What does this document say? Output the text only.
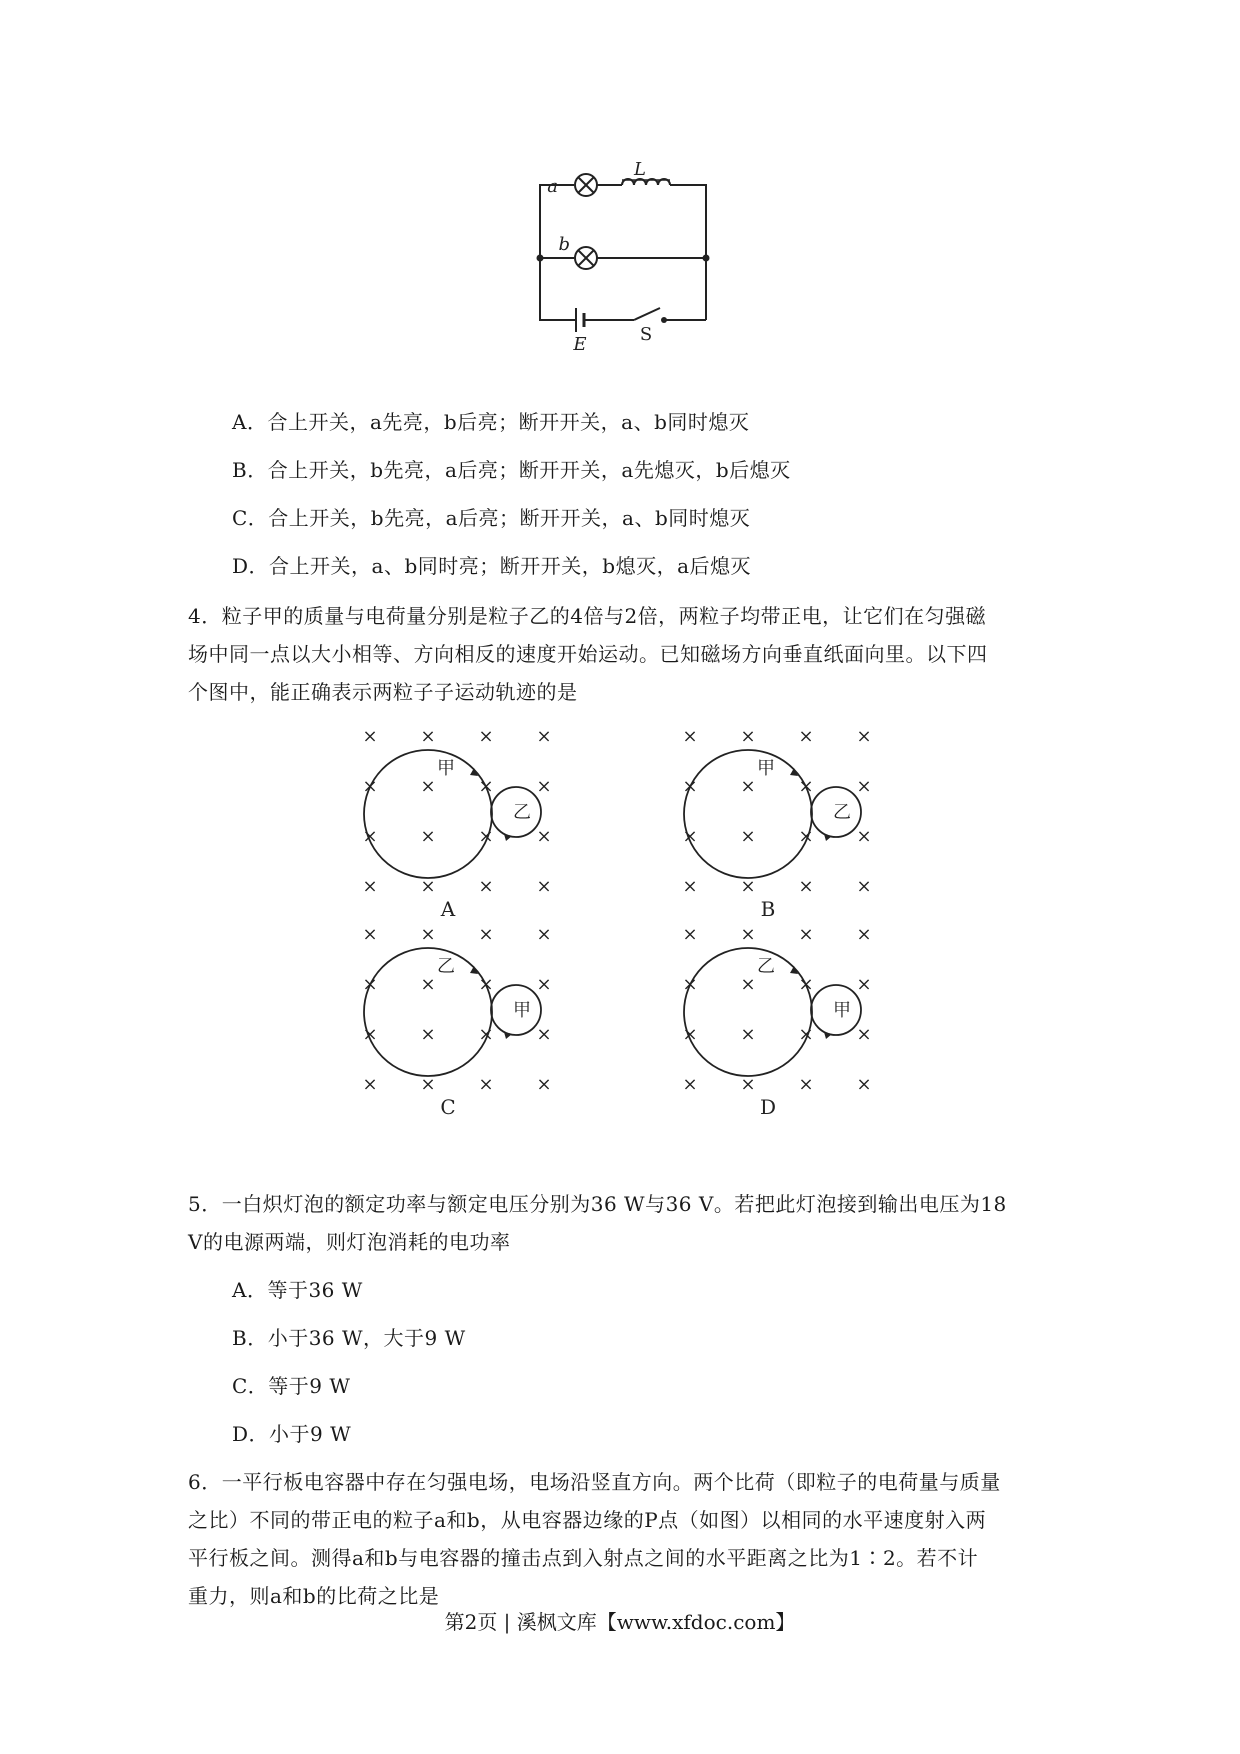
a
b
L
E	S
A．合上开关，a先亮，b后亮；断开开关，a、b同时熄灭
B．合上开关，b先亮，a后亮；断开开关，a先熄灭，b后熄灭
C．合上开关，b先亮，a后亮；断开开关，a、b同时熄灭
D．合上开关，a、b同时亮；断开开关，b熄灭，a后熄灭
4．粒子甲的质量与电荷量分别是粒子乙的4倍与2倍，两粒子均带正电，让它们在匀强磁
场中同一点以大小相等、方向相反的速度开始运动。已知磁场方向垂直纸面向里。以下四
个图中，能正确表示两粒子子运动轨迹的是
× × × ×
× × × ×
× × × ×
× × × ×
甲
乙
A
× × × ×
× × × ×
× × × ×
× × × ×
甲
乙
B
× × × ×
× × × ×
× × × ×
× × × ×
乙
甲
C
× × × ×
× × × ×
× × × ×
× × × ×
乙
甲
D
5．一白炽灯泡的额定功率与额定电压分别为36 W与36 V。若把此灯泡接到输出电压为18
V的电源两端，则灯泡消耗的电功率
A．等于36 W
B．小于36 W，大于9 W
C．等于9 W
D．小于9 W
6．一平行板电容器中存在匀强电场，电场沿竖直方向。两个比荷（即粒子的电荷量与质量
之比）不同的带正电的粒子a和b，从电容器边缘的P点（如图）以相同的水平速度射入两
平行板之间。测得a和b与电容器的撞击点到入射点之间的水平距离之比为1∶2。若不计
重力，则a和b的比荷之比是
第2页 | 溪枫文库【www.xfdoc.com】
